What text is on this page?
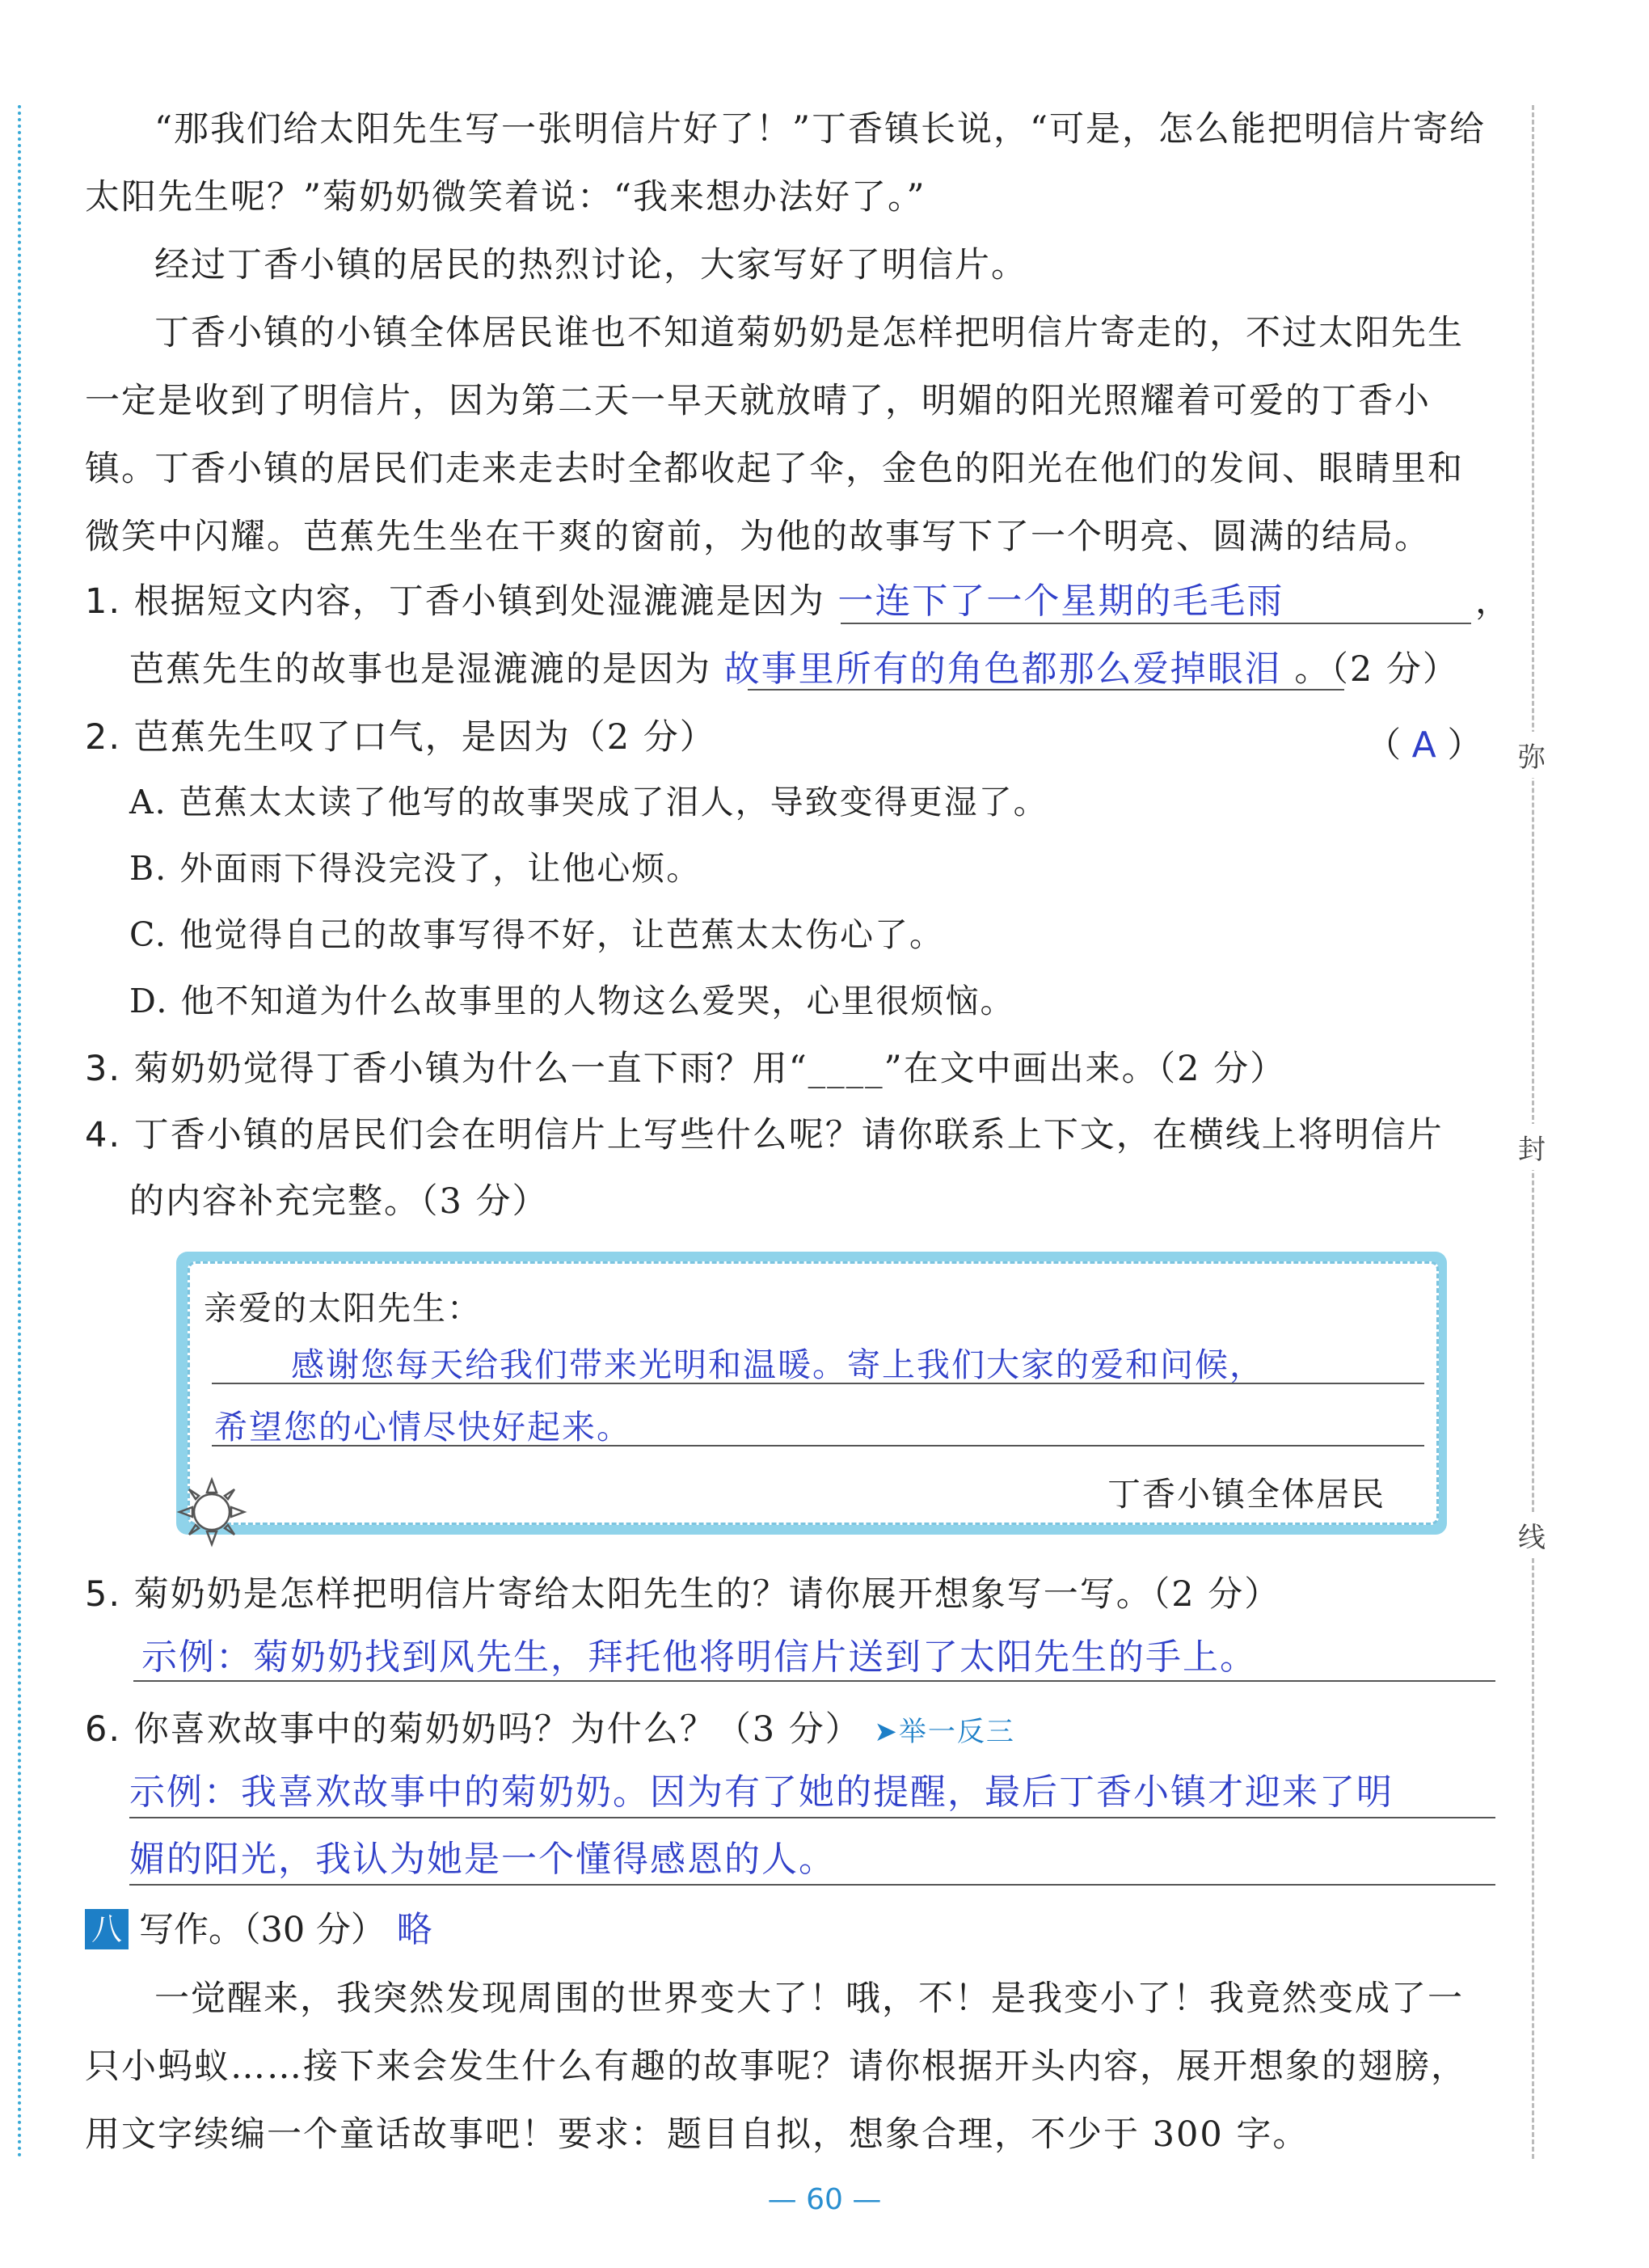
弥
封
线

“那我们给太阳先生写一张明信片好了！”丁香镇长说，“可是，怎么能把明信片寄给太阳先生呢？”菊奶奶微笑着说：“我来想办法好了。”

经过丁香小镇的居民的热烈讨论，大家写好了明信片。

丁香小镇的小镇全体居民谁也不知道菊奶奶是怎样把明信片寄走的，不过太阳先生一定是收到了明信片，因为第二天一早天就放晴了，明媚的阳光照耀着可爱的丁香小镇。

丁香小镇的居民们走来走去时全都收起了伞，金色的阳光在他们的发间、眼睛里和微笑中闪耀。芭蕉先生坐在干爽的窗前，为他的故事写下了一个明亮、圆满的结局。

1. 根据短文内容，丁香小镇到处湿漉漉是因为 一连下了一个星期的毛毛雨	，
芭蕉先生的故事也是湿漉漉的是因为 故事里所有的角色都那么爱掉眼泪 。（2 分）
2. 芭蕉先生叹了口气，是因为（2 分）	（ A ）
A. 芭蕉太太读了他写的故事哭成了泪人，导致变得更湿了。
B. 外面雨下得没完没了，让他心烦。
C. 他觉得自己的故事写得不好，让芭蕉太太伤心了。
D. 他不知道为什么故事里的人物这么爱哭，心里很烦恼。
3. 菊奶奶觉得丁香小镇为什么一直下雨？用“____”在文中画出来。（2 分）
4. 丁香小镇的居民们会在明信片上写些什么呢？请你联系上下文，在横线上将明信片
的内容补充完整。（3 分）
亲爱的太阳先生：
感谢您每天给我们带来光明和温暖。寄上我们大家的爱和问候，
希望您的心情尽快好起来。
丁香小镇全体居民
5. 菊奶奶是怎样把明信片寄给太阳先生的？请你展开想象写一写。（2 分）
示例：菊奶奶找到风先生，拜托他将明信片送到了太阳先生的手上。
6. 你喜欢故事中的菊奶奶吗？为什么？（3 分） ➤举一反三
示例：我喜欢故事中的菊奶奶。因为有了她的提醒，最后丁香小镇才迎来了明
媚的阳光，我认为她是一个懂得感恩的人。
八 写作。（30 分） 略

一觉醒来，我突然发现周围的世界变大了！哦，不！是我变小了！我竟然变成了一只小蚂蚁……接下来会发生什么有趣的故事呢？请你根据开头内容，展开想象的翅膀，用文字续编一个童话故事吧！要求：题目自拟，想象合理，不少于 300 字。

— 60 —
